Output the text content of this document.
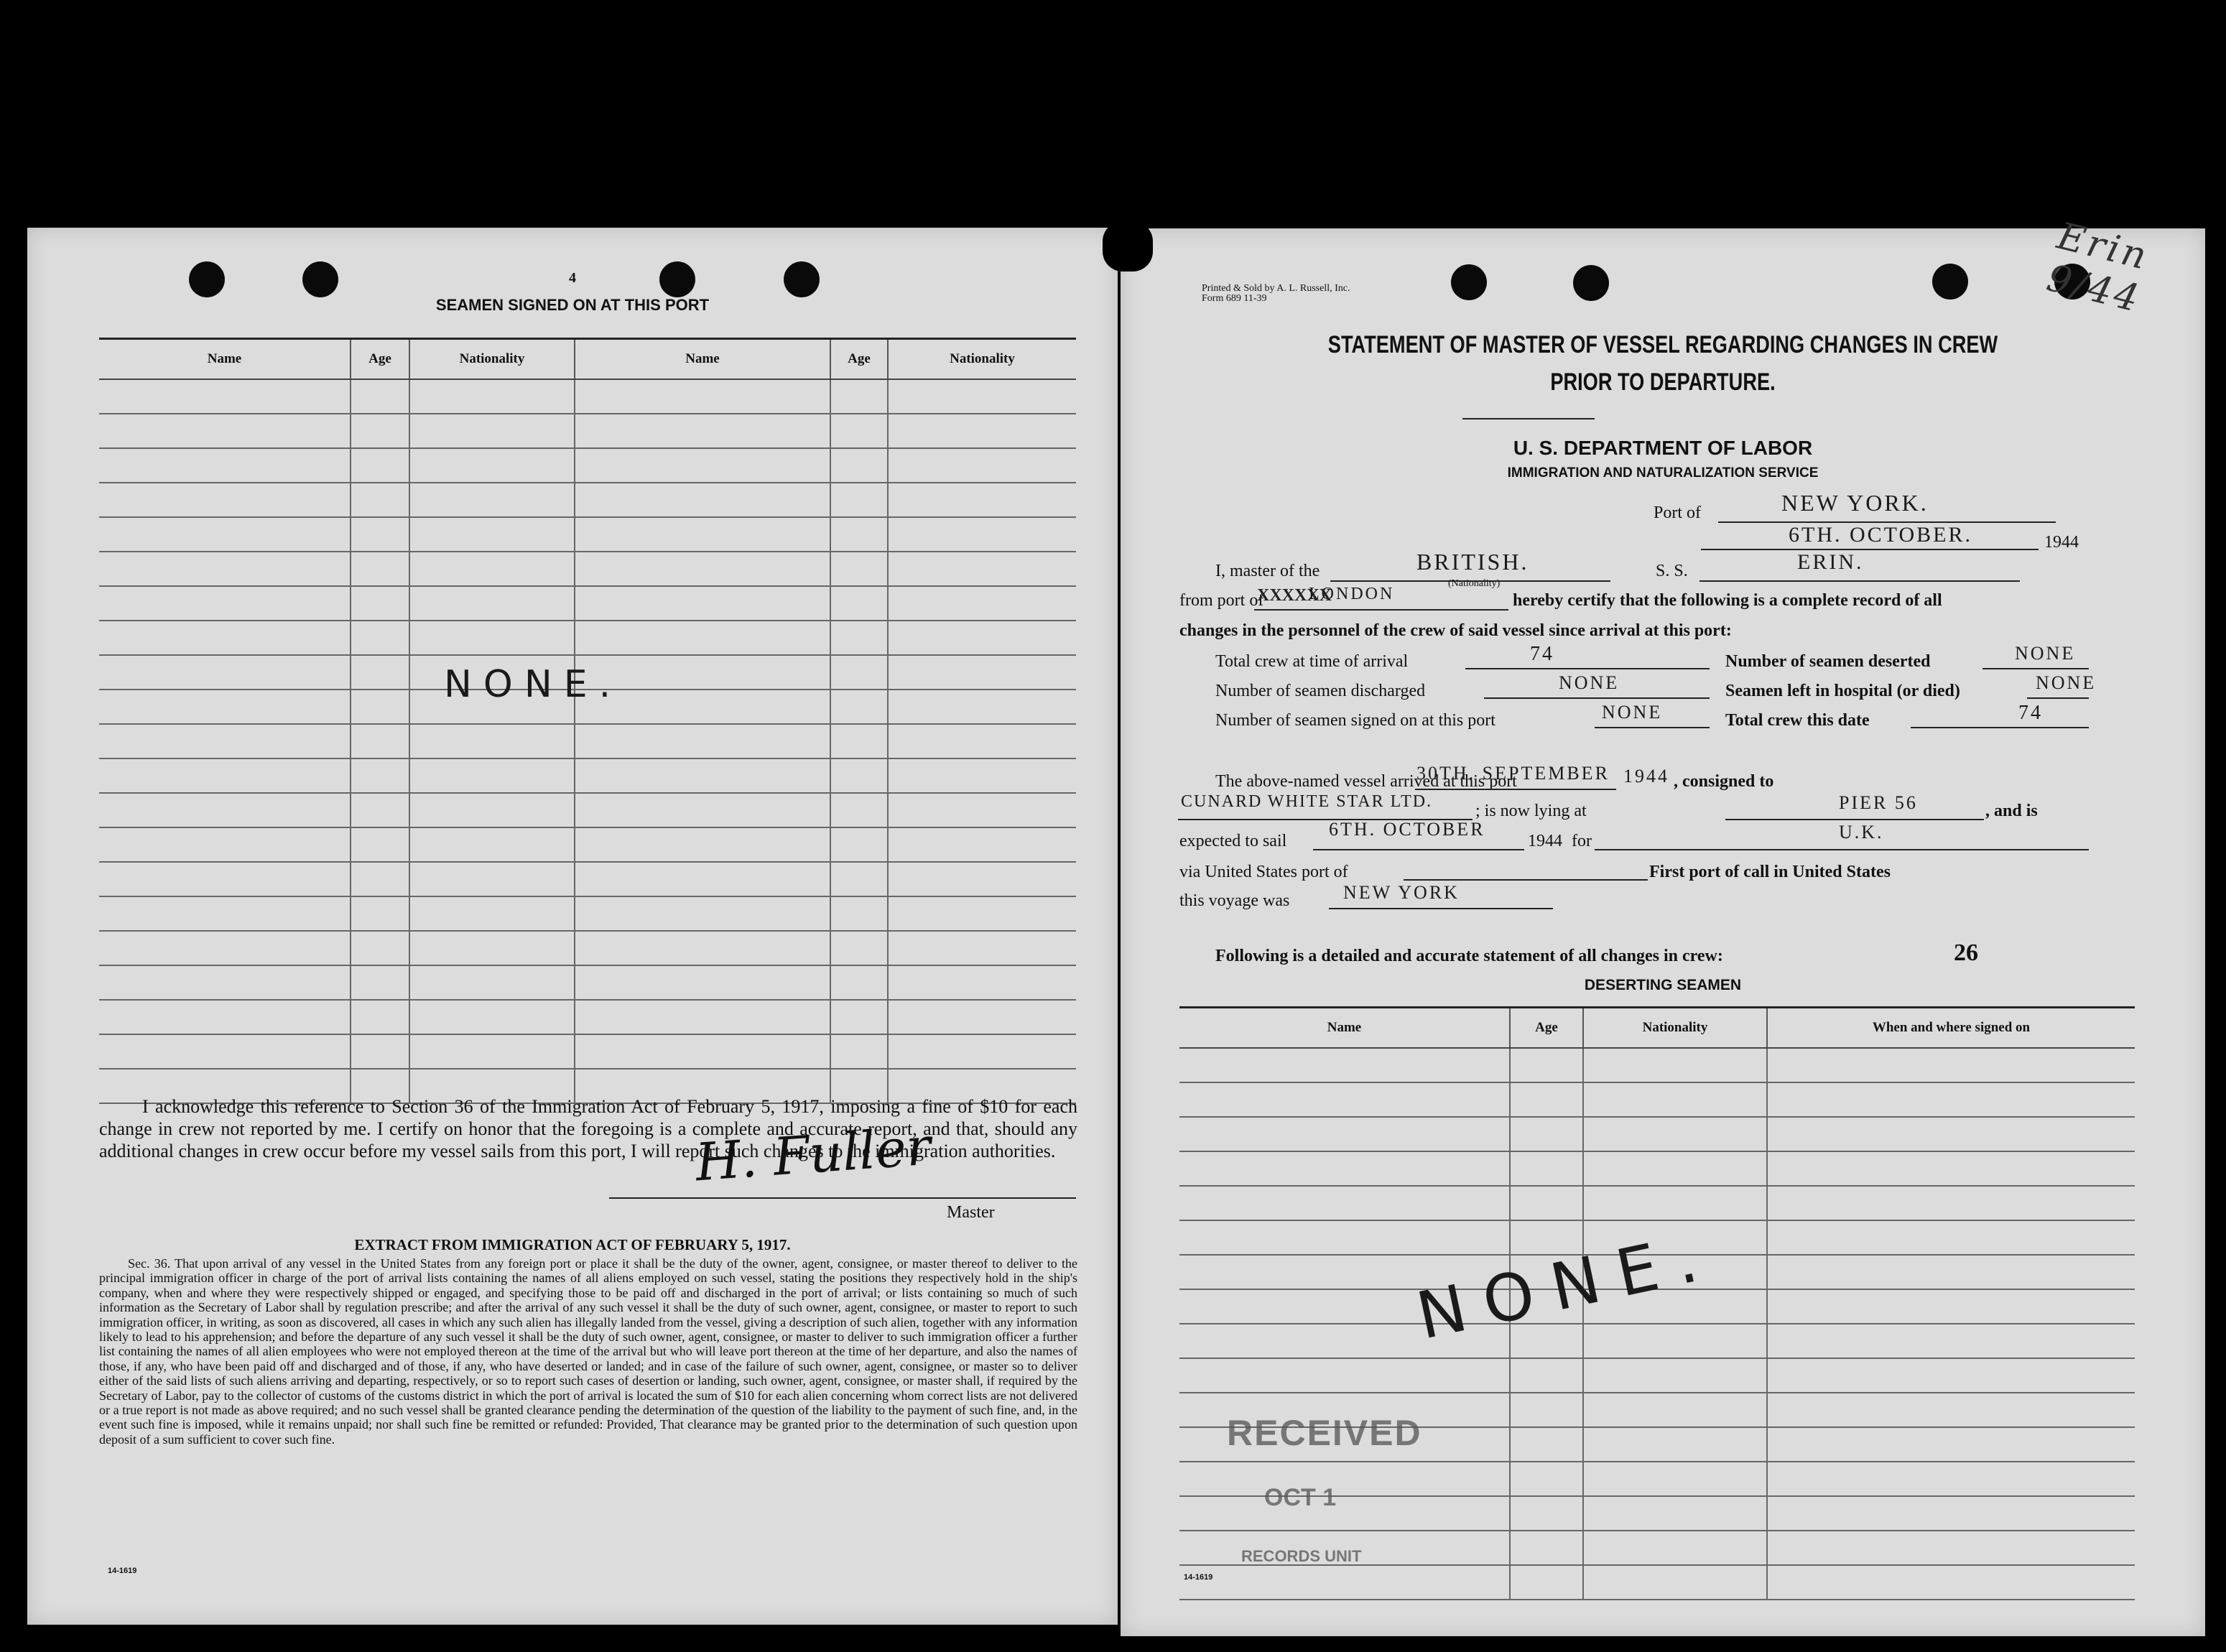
4
SEAMEN SIGNED ON AT THIS PORT
Name	Age	Nationality	Name	Age	Nationality

NONE.
I acknowledge this reference to Section 36 of the Immigration Act of February 5, 1917, imposing a fine of $10 for each change in crew not reported by me. I certify on honor that the foregoing is a complete and accurate report, and that, should any additional changes in crew occur before my vessel sails from this port, I will report such changes to the immigration authorities.
H. Fuller
Master
EXTRACT FROM IMMIGRATION ACT OF FEBRUARY 5, 1917.
Sec. 36. That upon arrival of any vessel in the United States from any foreign port or place it shall be the duty of the owner, agent, consignee, or master thereof to deliver to the principal immigration officer in charge of the port of arrival lists containing the names of all aliens employed on such vessel, stating the positions they respectively hold in the ship's company, when and where they were respectively shipped or engaged, and specifying those to be paid off and discharged in the port of arrival; or lists containing so much of such information as the Secretary of Labor shall by regulation prescribe; and after the arrival of any such vessel it shall be the duty of such owner, agent, consignee, or master to report to such immigration officer, in writing, as soon as discovered, all cases in which any such alien has illegally landed from the vessel, giving a description of such alien, together with any information likely to lead to his apprehension; and before the departure of any such vessel it shall be the duty of such owner, agent, consignee, or master to deliver to such immigration officer a further list containing the names of all alien employees who were not employed thereon at the time of the arrival but who will leave port thereon at the time of her departure, and also the names of those, if any, who have been paid off and discharged and of those, if any, who have deserted or landed; and in case of the failure of such owner, agent, consignee, or master so to deliver either of the said lists of such aliens arriving and departing, respectively, or so to report such cases of desertion or landing, such owner, agent, consignee, or master shall, if required by the Secretary of Labor, pay to the collector of customs of the customs district in which the port of arrival is located the sum of $10 for each alien concerning whom correct lists are not delivered or a true report is not made as above required; and no such vessel shall be granted clearance pending the determination of the question of the liability to the payment of such fine, and, in the event such fine is imposed, while it remains unpaid; nor shall such fine be remitted or refunded: Provided, That clearance may be granted prior to the determination of such question upon deposit of a sum sufficient to cover such fine.
14-1619
Printed & Sold by A. L. Russell, Inc.
Form 689 11-39
Erin 9/44
STATEMENT OF MASTER OF VESSEL REGARDING CHANGES IN CREW
PRIOR TO DEPARTURE.
U. S. DEPARTMENT OF LABOR
IMMIGRATION AND NATURALIZATION SERVICE
Port of	NEW YORK.
6TH. OCTOBER.	1944
I, master of the	BRITISH.
(Nationality)
S. S.	ERIN.
from port of
XXXXXX
LONDON	hereby certify that the following is a complete record of all
changes in the personnel of the crew of said vessel since arrival at this port:
Total crew at time of arrival	74	Number of seamen deserted	NONE
Number of seamen discharged	NONE	Seamen left in hospital (or died)	NONE
Number of seamen signed on at this port	NONE	Total crew this date	74
The above-named vessel arrived at this port
30TH. SEPTEMBER 1944 , consigned to
CUNARD WHITE STAR LTD. ; is now lying at	PIER 56	, and is
expected to sail
6TH. OCTOBER
1944 for	U.K.
via United States port of	First port of call in United States
this voyage was	NEW YORK
Following is a detailed and accurate statement of all changes in crew:	26
DESERTING SEAMEN
Name	Age	Nationality	When and where signed on

NONE.
RECEIVED
OCT 1
RECORDS UNIT
14-1619
